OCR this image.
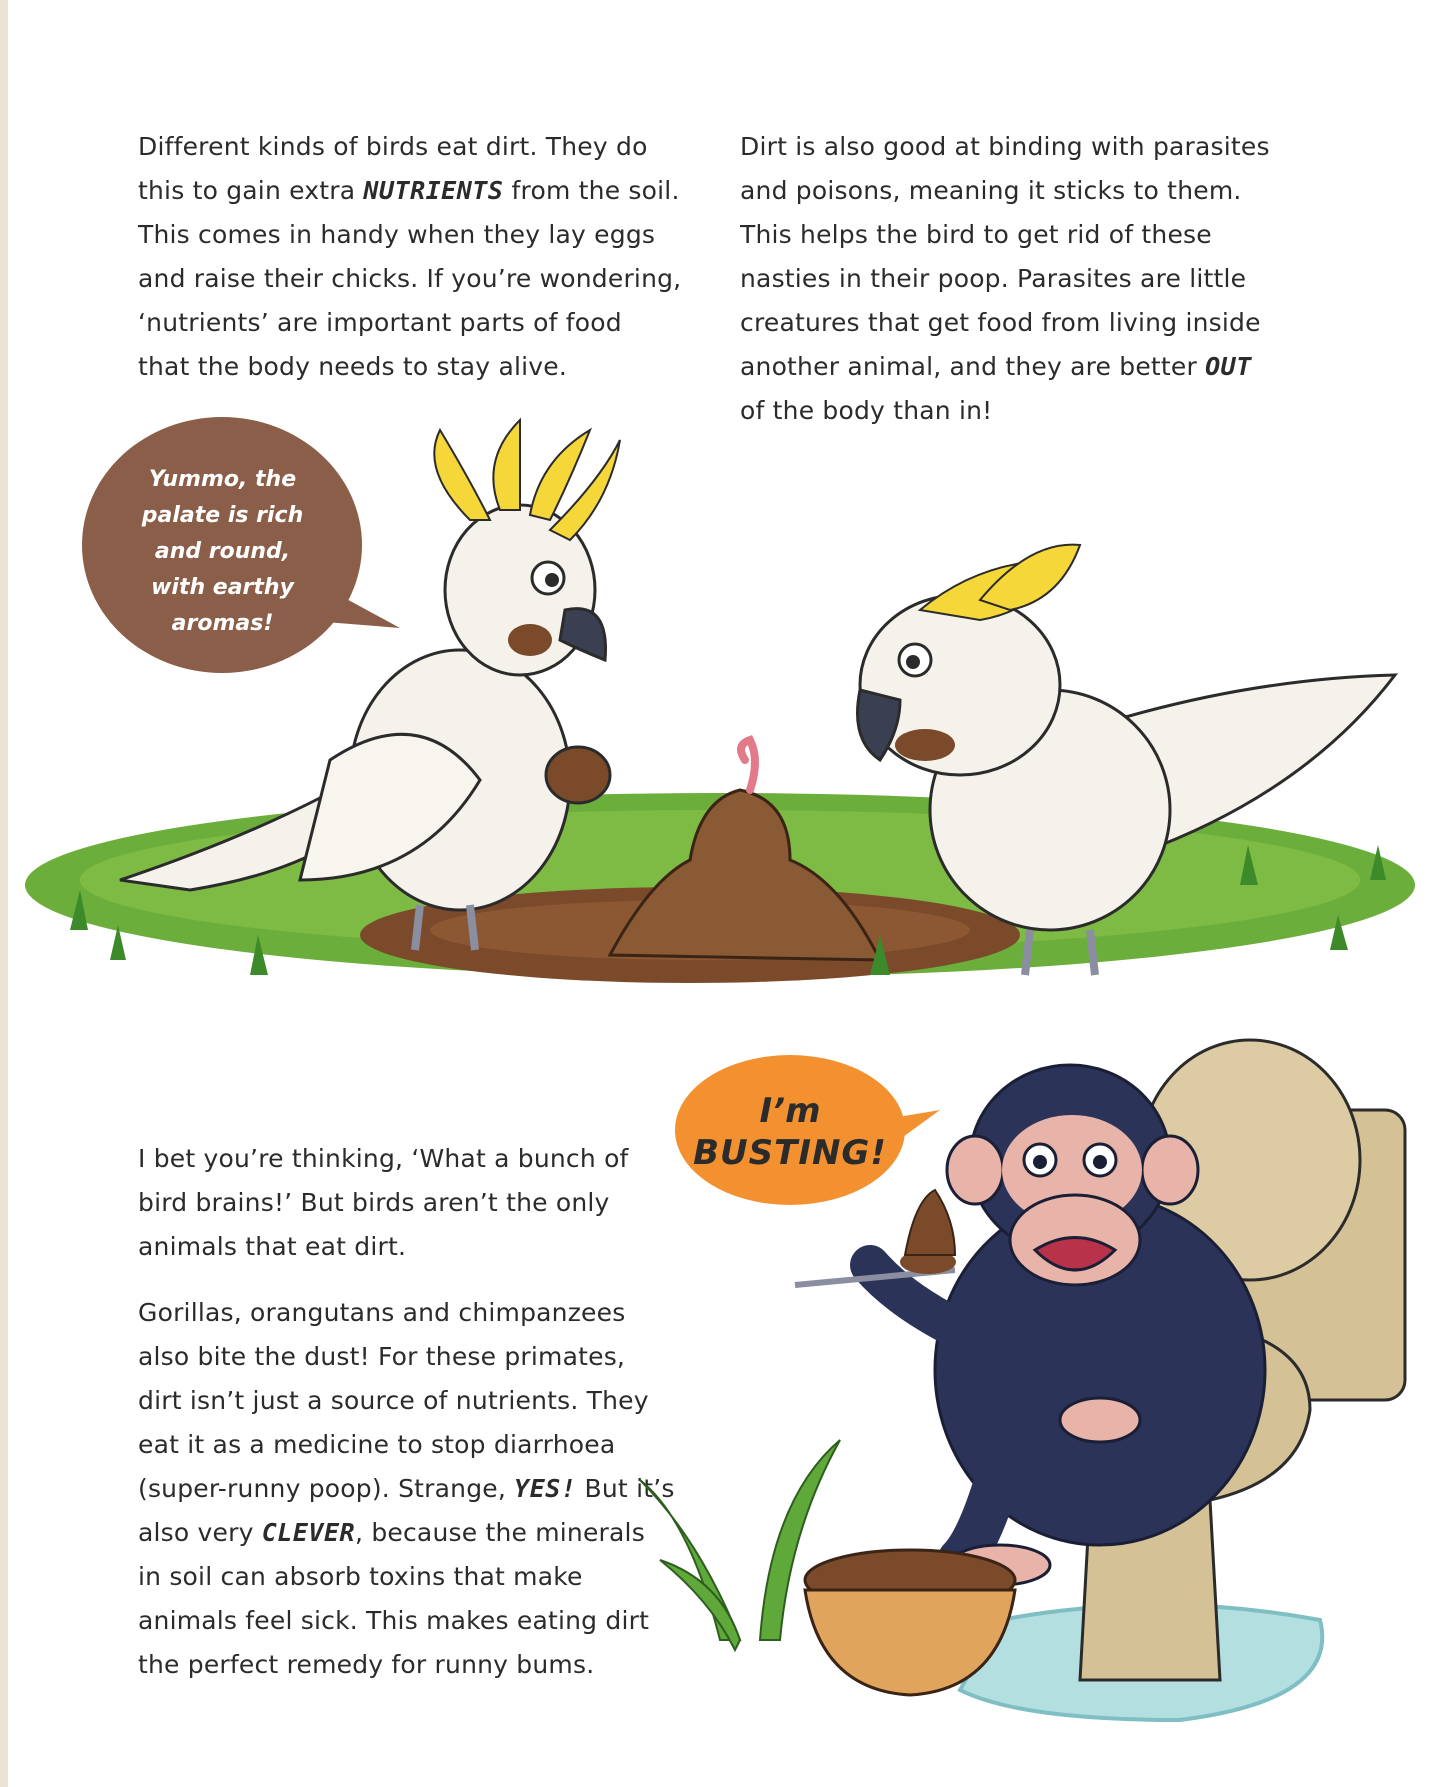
Different kinds of birds eat dirt. They do
this to gain extra NUTRIENTS from the soil.
This comes in handy when they lay eggs
and raise their chicks. If you’re wondering,
‘nutrients’ are important parts of food
that the body needs to stay alive.
Dirt is also good at binding with parasites
and poisons, meaning it sticks to them.
This helps the bird to get rid of these
nasties in their poop. Parasites are little
creatures that get food from living inside
another animal, and they are better OUT
of the body than in!
Yummo, the
palate is rich
and round,
with earthy
aromas!
I bet you’re thinking, ‘What a bunch of
bird brains!’ But birds aren’t the only
animals that eat dirt.
Gorillas, orangutans and chimpanzees
also bite the dust! For these primates,
dirt isn’t just a source of nutrients. They
eat it as a medicine to stop diarrhoea
(super-runny poop). Strange, YES! But it’s
also very CLEVER, because the minerals
in soil can absorb toxins that make
animals feel sick. This makes eating dirt
the perfect remedy for runny bums.
I’m
BUSTING!
